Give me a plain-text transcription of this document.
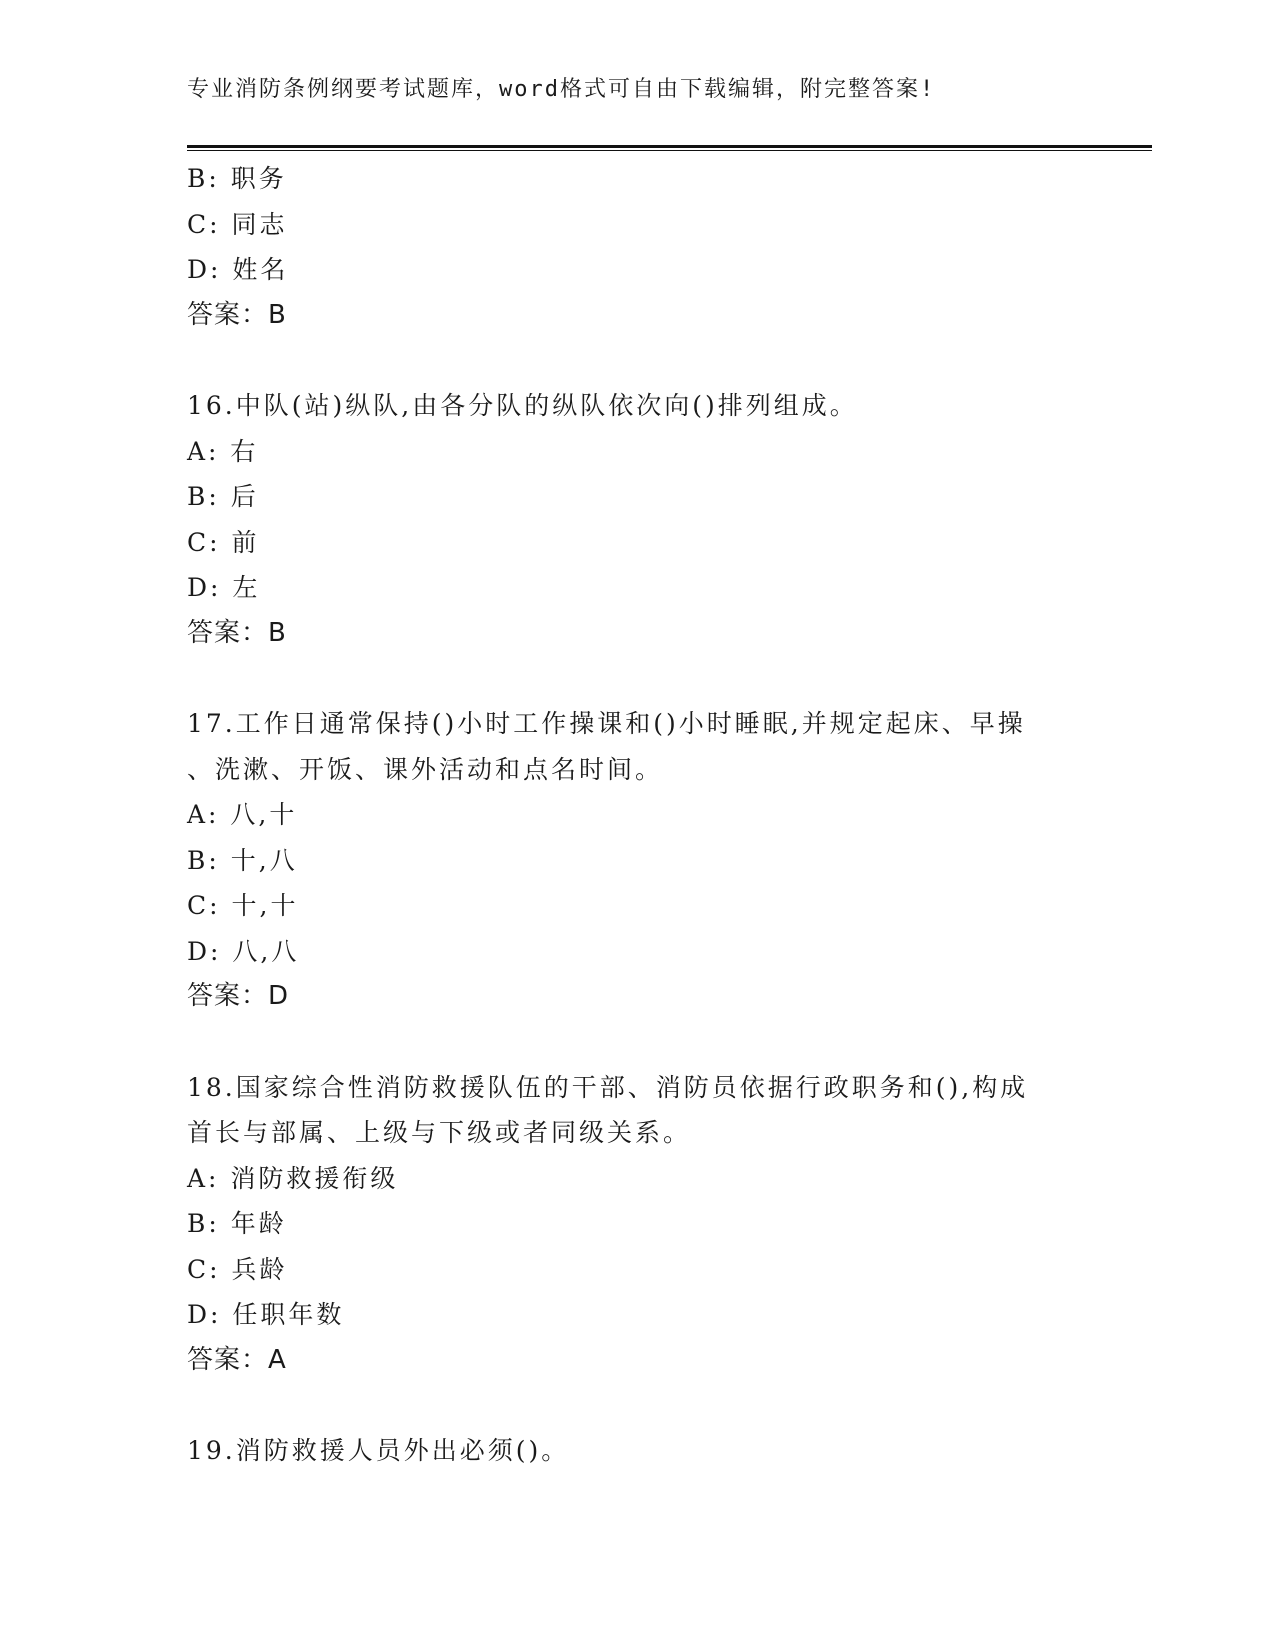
专业消防条例纲要考试题库，word格式可自由下载编辑，附完整答案!
B: 职务
C: 同志
D: 姓名
答案：B
16.中队(站)纵队,由各分队的纵队依次向()排列组成。
A: 右
B: 后
C: 前
D: 左
答案：B
17.工作日通常保持()小时工作操课和()小时睡眠,并规定起床、早操
、洗漱、开饭、课外活动和点名时间。
A: 八,十
B: 十,八
C: 十,十
D: 八,八
答案：D
18.国家综合性消防救援队伍的干部、消防员依据行政职务和(),构成
首长与部属、上级与下级或者同级关系。
A: 消防救援衔级
B: 年龄
C: 兵龄
D: 任职年数
答案：A
19.消防救援人员外出必须()。
